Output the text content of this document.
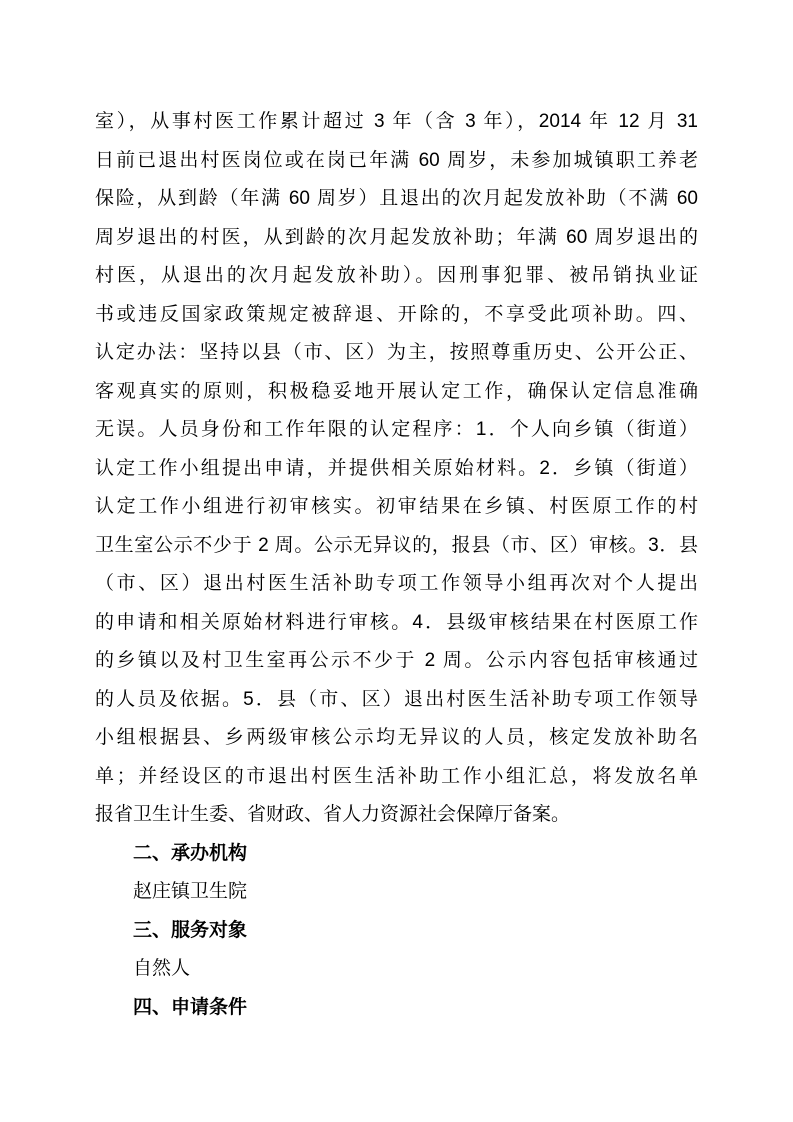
室），从事村医工作累计超过 3 年（含 3 年），2014 年 12 月 31
日前已退出村医岗位或在岗已年满 60 周岁，未参加城镇职工养老
保险，从到龄（年满 60 周岁）且退出的次月起发放补助（不满 60
周岁退出的村医，从到龄的次月起发放补助；年满 60 周岁退出的
村医，从退出的次月起发放补助）。因刑事犯罪、被吊销执业证
书或违反国家政策规定被辞退、开除的，不享受此项补助。四、
认定办法：坚持以县（市、区）为主，按照尊重历史、公开公正、
客观真实的原则，积极稳妥地开展认定工作，确保认定信息准确
无误。人员身份和工作年限的认定程序：1．个人向乡镇（街道）
认定工作小组提出申请，并提供相关原始材料。2．乡镇（街道）
认定工作小组进行初审核实。初审结果在乡镇、村医原工作的村
卫生室公示不少于 2 周。公示无异议的，报县（市、区）审核。3．县
（市、区）退出村医生活补助专项工作领导小组再次对个人提出
的申请和相关原始材料进行审核。4．县级审核结果在村医原工作
的乡镇以及村卫生室再公示不少于 2 周。公示内容包括审核通过
的人员及依据。5．县（市、区）退出村医生活补助专项工作领导
小组根据县、乡两级审核公示均无异议的人员，核定发放补助名
单；并经设区的市退出村医生活补助工作小组汇总，将发放名单
报省卫生计生委、省财政、省人力资源社会保障厅备案。
二、承办机构
赵庄镇卫生院
三、服务对象
自然人
四、申请条件
